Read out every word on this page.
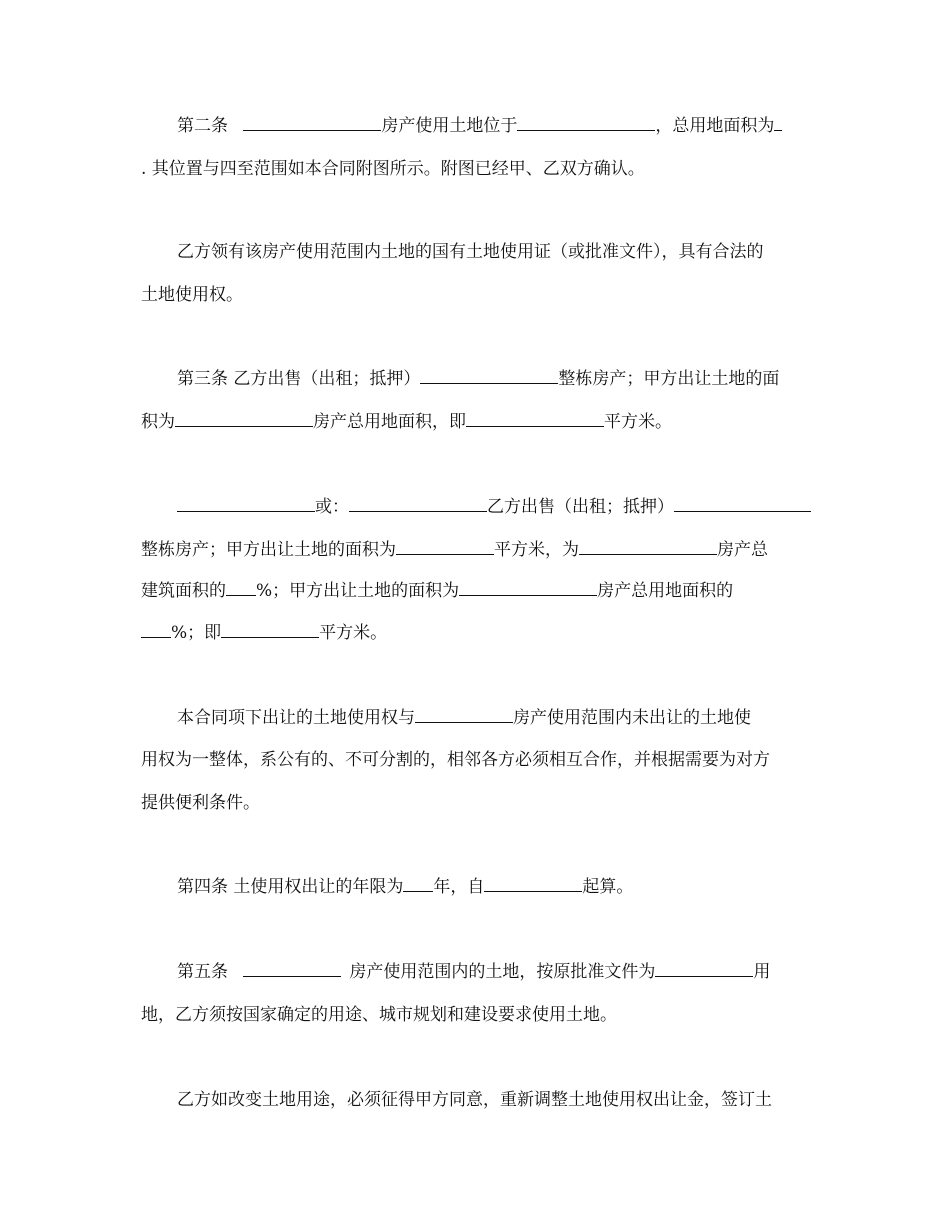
第二条	房产使用土地位于	，总用地面积为
. 其位置与四至范围如本合同附图所示。附图已经甲、乙双方确认。
乙方领有该房产使用范围内土地的国有土地使用证（或批准文件），具有合法的
土地使用权。
第三条 乙方出售（出租；抵押）	整栋房产；甲方出让土地的面
积为	房产总用地面积，即	平方米。
或：	乙方出售（出租；抵押）
整栋房产；甲方出让土地的面积为	平方米，为	房产总
建筑面积的 %；甲方出让土地的面积为	房产总用地面积的
%；即	平方米。
本合同项下出让的土地使用权与	房产使用范围内未出让的土地使
用权为一整体，系公有的、不可分割的，相邻各方必须相互合作，并根据需要为对方
提供便利条件。
第四条 土使用权出让的年限为 年，自	起算。
第五条	房产使用范围内的土地，按原批准文件为	用
地，乙方须按国家确定的用途、城市规划和建设要求使用土地。
乙方如改变土地用途，必须征得甲方同意，重新调整土地使用权出让金，签订土
